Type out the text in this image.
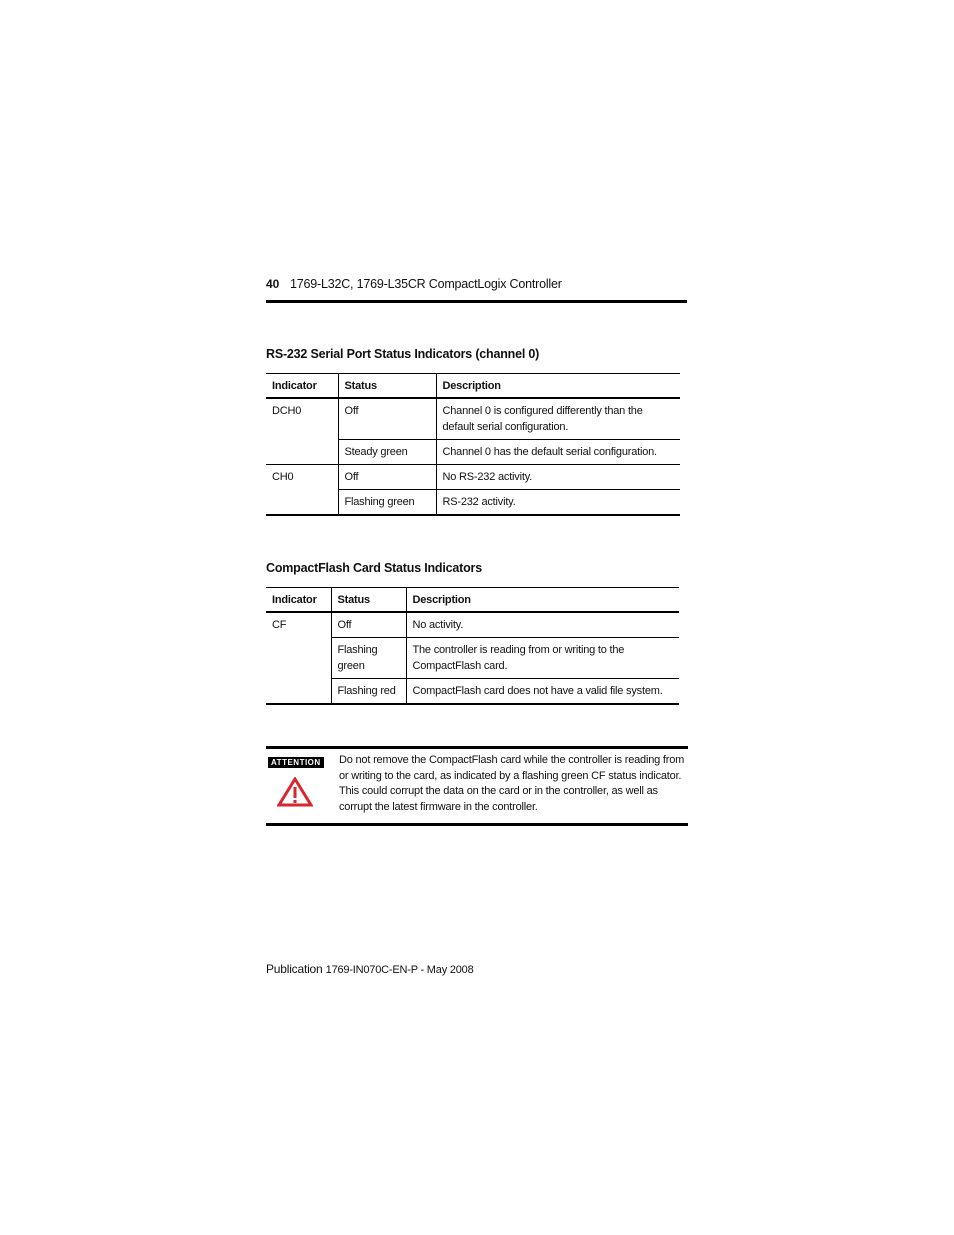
40 1769-L32C, 1769-L35CR CompactLogix Controller
RS-232 Serial Port Status Indicators (channel 0)
Indicator	Status	Description
DCH0	Off	Channel 0 is configured differently than the default serial configuration.
	Steady green	Channel 0 has the default serial configuration.
CH0	Off	No RS-232 activity.
	Flashing green	RS-232 activity.
CompactFlash Card Status Indicators
Indicator	Status	Description
CF	Off	No activity.
	Flashing green	The controller is reading from or writing to the CompactFlash card.
	Flashing red	CompactFlash card does not have a valid file system.
ATTENTION Do not remove the CompactFlash card while the controller is reading from or writing to the card, as indicated by a flashing green CF status indicator. This could corrupt the data on the card or in the controller, as well as corrupt the latest firmware in the controller.
Publication 1769-IN070C-EN-P - May 2008
